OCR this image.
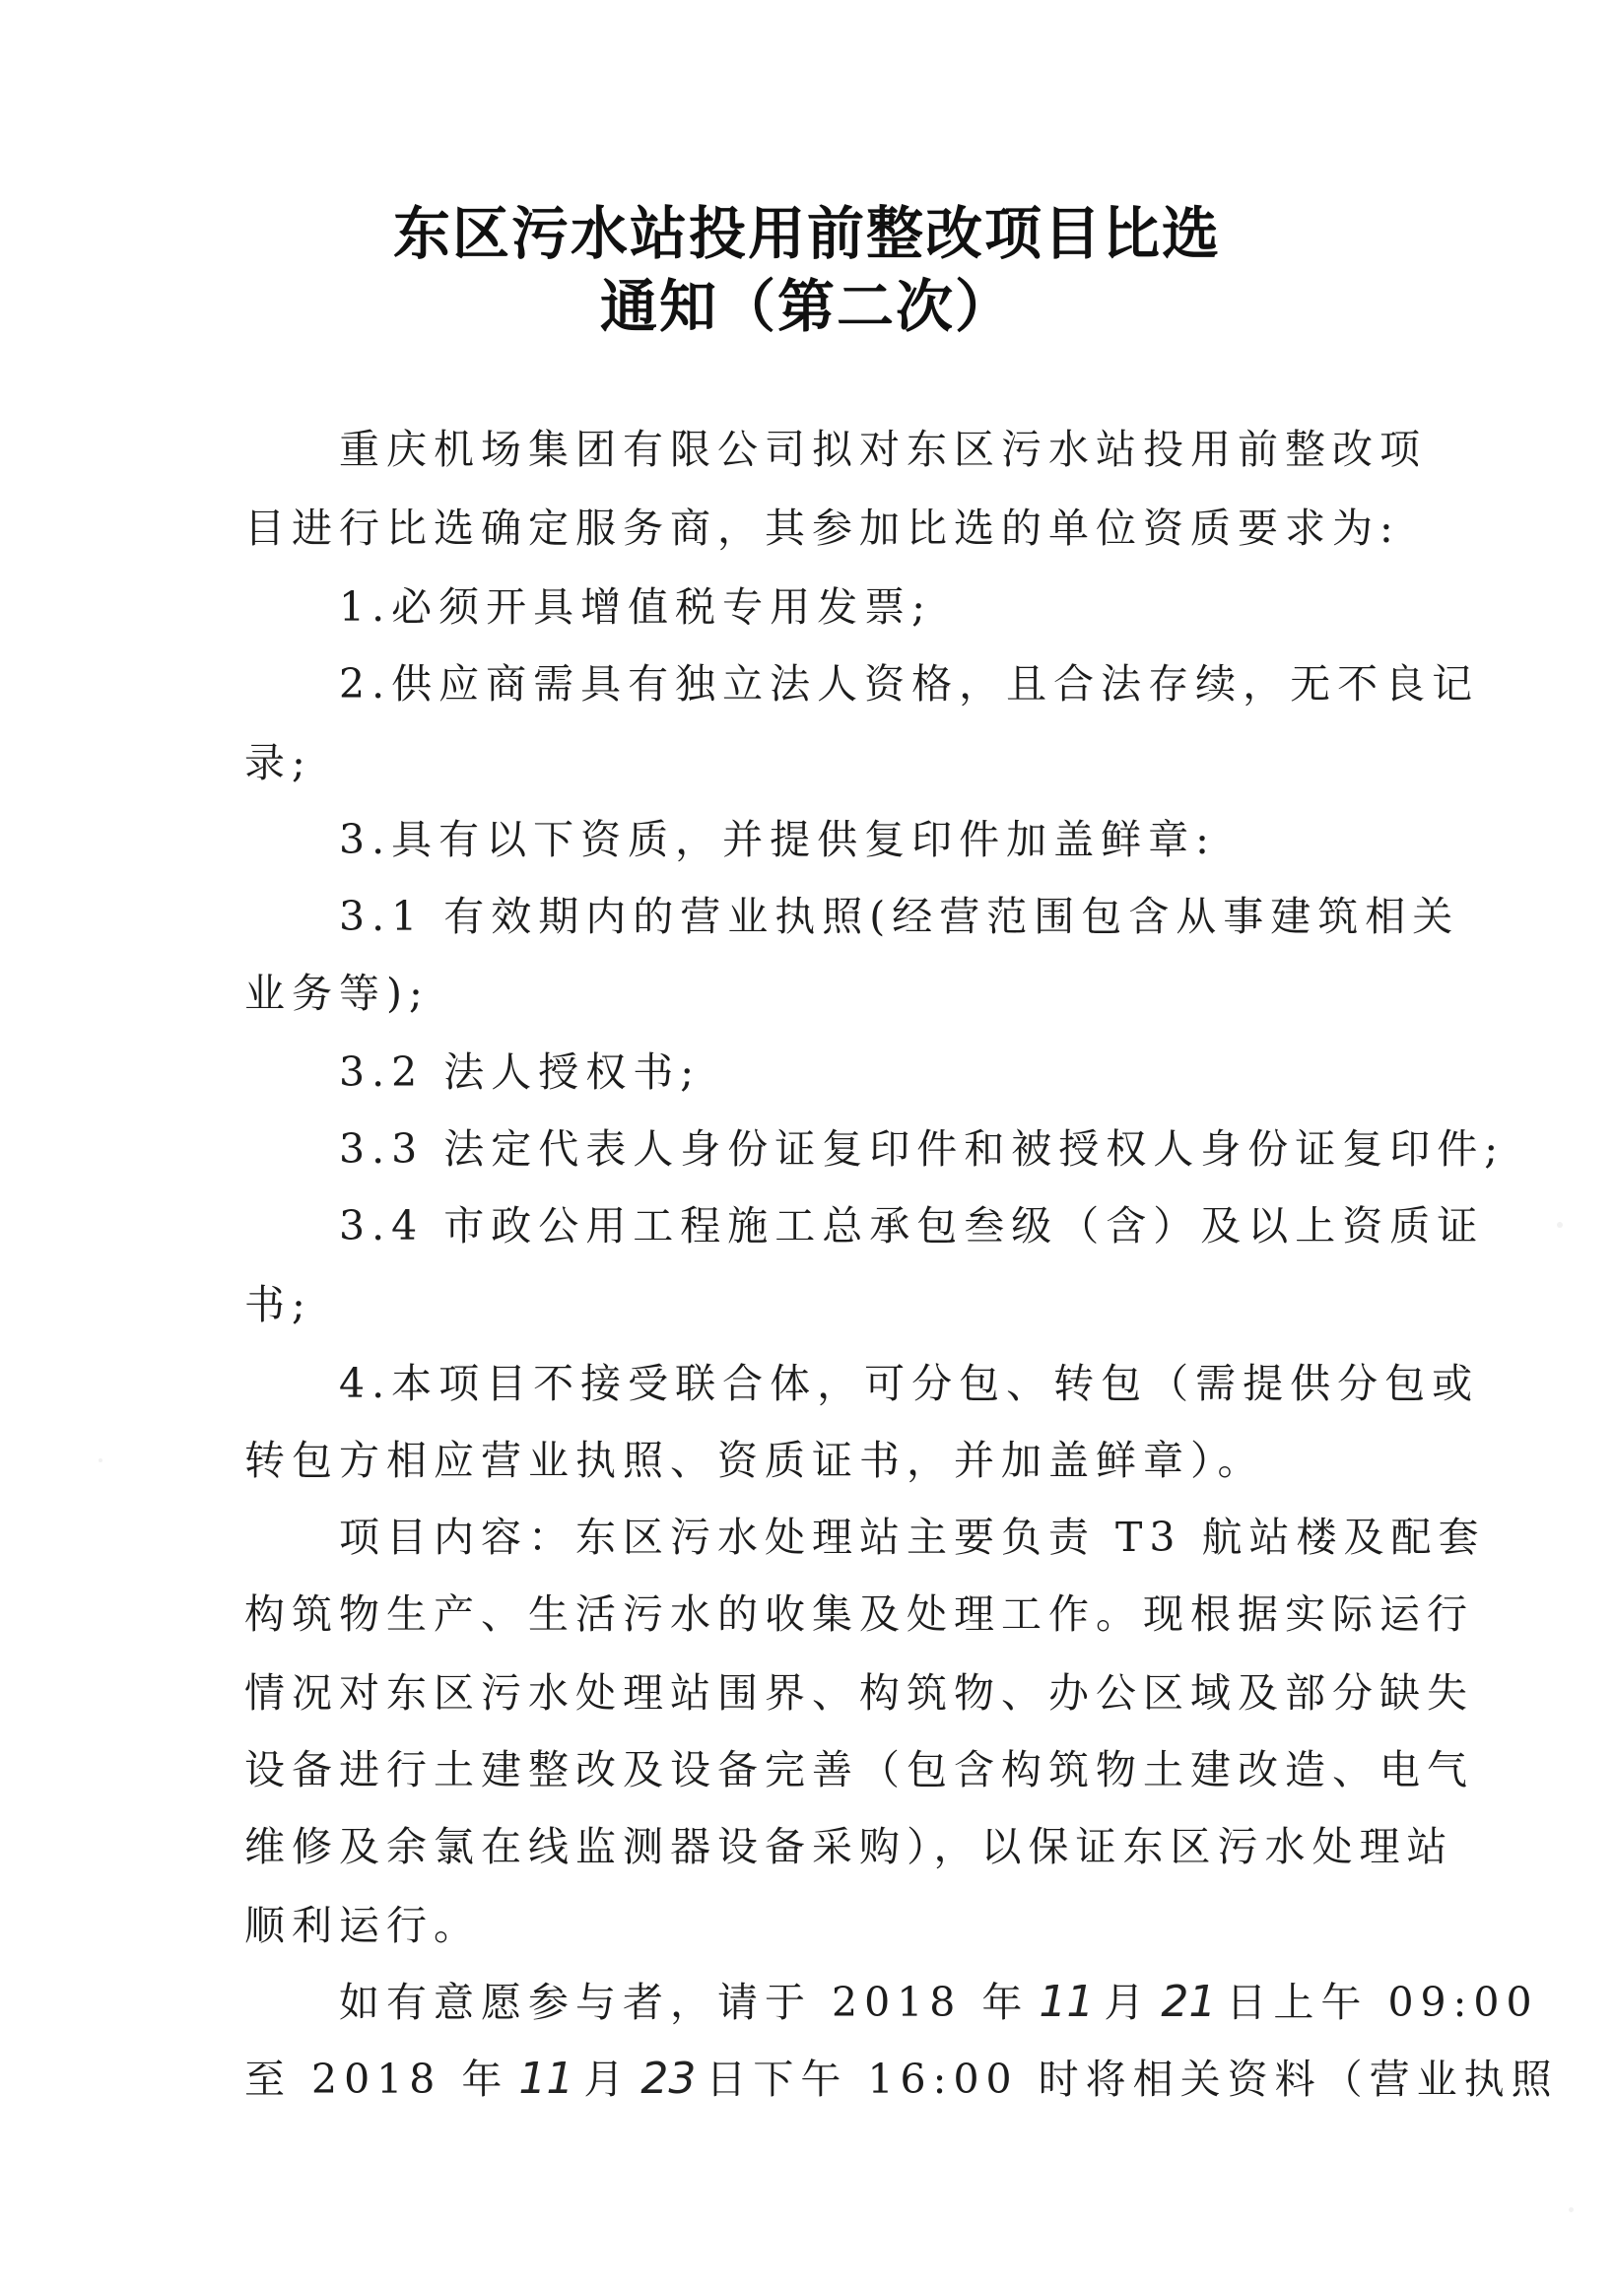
东区污水站投用前整改项目比选
通知（第二次）
　　重庆机场集团有限公司拟对东区污水站投用前整改项
目进行比选确定服务商，其参加比选的单位资质要求为:
　　1.必须开具增值税专用发票;
　　2.供应商需具有独立法人资格，且合法存续，无不良记
录;
　　3.具有以下资质，并提供复印件加盖鲜章:
　　3.1 有效期内的营业执照(经营范围包含从事建筑相关
业务等);
　　3.2 法人授权书;
　　3.3 法定代表人身份证复印件和被授权人身份证复印件;
　　3.4 市政公用工程施工总承包叁级（含）及以上资质证
书;
　　4.本项目不接受联合体，可分包、转包（需提供分包或
转包方相应营业执照、资质证书，并加盖鲜章）。
　　项目内容：东区污水处理站主要负责 T3 航站楼及配套
构筑物生产、生活污水的收集及处理工作。现根据实际运行
情况对东区污水处理站围界、构筑物、办公区域及部分缺失
设备进行土建整改及设备完善（包含构筑物土建改造、电气
维修及余氯在线监测器设备采购），以保证东区污水处理站
顺利运行。
　　如有意愿参与者，请于 2018 年 11 月 21 日上午 09:00
至 2018 年 11 月 23 日下午 16:00 时将相关资料（营业执照
